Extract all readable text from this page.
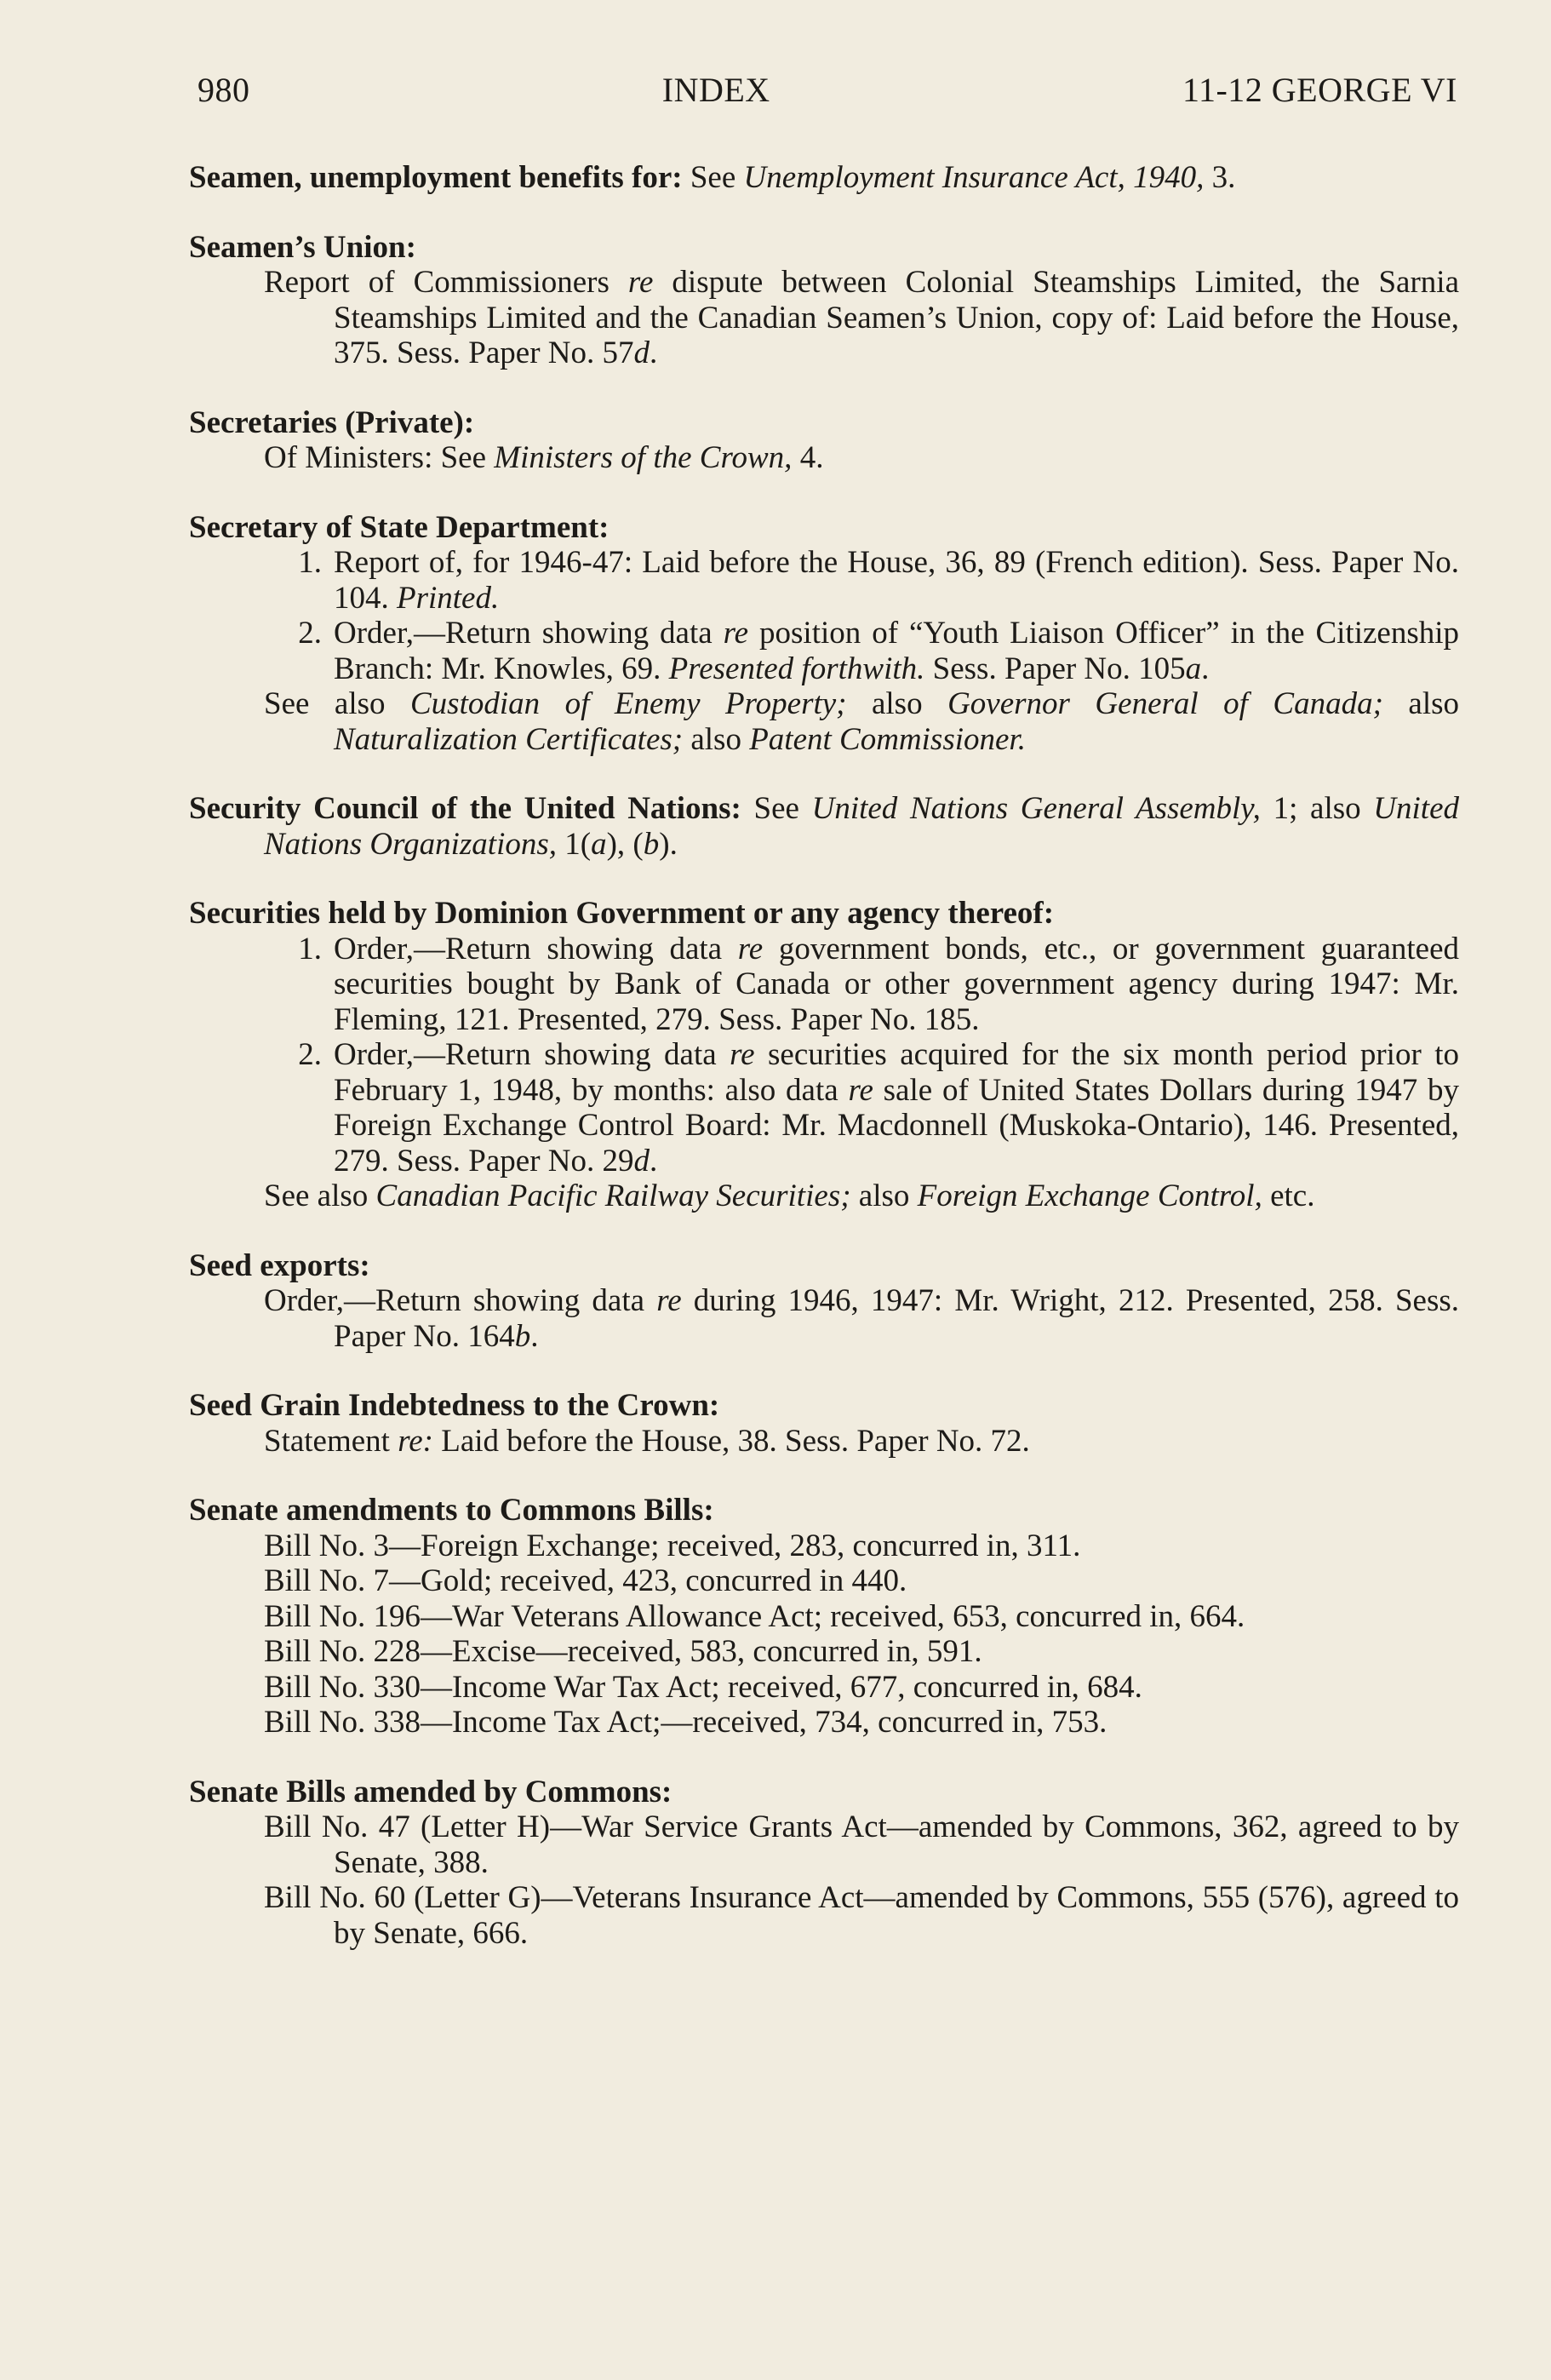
980	INDEX	11-12 GEORGE VI
Seamen, unemployment benefits for: See Unemployment Insurance Act, 1940, 3.
Seamen’s Union:
Report of Commissioners re dispute between Colonial Steamships Limited, the Sarnia Steamships Limited and the Canadian Seamen’s Union, copy of: Laid before the House, 375. Sess. Paper No. 57d.
Secretaries (Private):
Of Ministers: See Ministers of the Crown, 4.
Secretary of State Department:
1. Report of, for 1946-47: Laid before the House, 36, 89 (French edition). Sess. Paper No. 104. Printed.
2. Order,—Return showing data re position of “Youth Liaison Officer” in the Citizenship Branch: Mr. Knowles, 69. Presented forthwith. Sess. Paper No. 105a.
See also Custodian of Enemy Property; also Governor General of Canada; also Naturalization Certificates; also Patent Commissioner.
Security Council of the United Nations: See United Nations General Assembly, 1; also United Nations Organizations, 1(a), (b).
Securities held by Dominion Government or any agency thereof:
1. Order,—Return showing data re government bonds, etc., or government guaranteed securities bought by Bank of Canada or other government agency during 1947: Mr. Fleming, 121. Presented, 279. Sess. Paper No. 185.
2. Order,—Return showing data re securities acquired for the six month period prior to February 1, 1948, by months: also data re sale of United States Dollars during 1947 by Foreign Exchange Control Board: Mr. Macdonnell (Muskoka-Ontario), 146. Presented, 279. Sess. Paper No. 29d.
See also Canadian Pacific Railway Securities; also Foreign Exchange Control, etc.
Seed exports:
Order,—Return showing data re during 1946, 1947: Mr. Wright, 212. Presented, 258. Sess. Paper No. 164b.
Seed Grain Indebtedness to the Crown:
Statement re: Laid before the House, 38. Sess. Paper No. 72.
Senate amendments to Commons Bills:
Bill No. 3—Foreign Exchange; received, 283, concurred in, 311.
Bill No. 7—Gold; received, 423, concurred in 440.
Bill No. 196—War Veterans Allowance Act; received, 653, concurred in, 664.
Bill No. 228—Excise—received, 583, concurred in, 591.
Bill No. 330—Income War Tax Act; received, 677, concurred in, 684.
Bill No. 338—Income Tax Act;—received, 734, concurred in, 753.
Senate Bills amended by Commons:
Bill No. 47 (Letter H)—War Service Grants Act—amended by Commons, 362, agreed to by Senate, 388.
Bill No. 60 (Letter G)—Veterans Insurance Act—amended by Commons, 555 (576), agreed to by Senate, 666.
